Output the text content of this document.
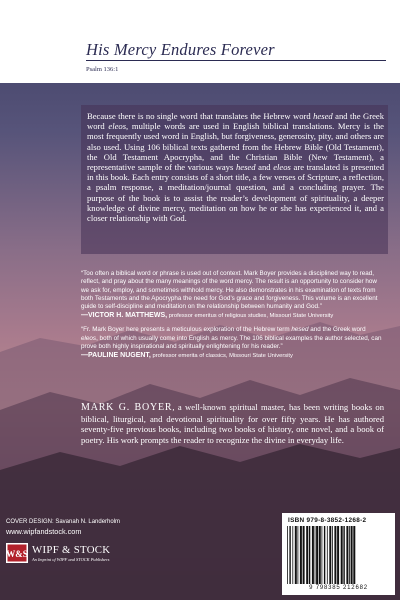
His Mercy Endures Forever
Psalm 136:1

Because there is no single word that translates the Hebrew word hesed and the Greek word eleos, multiple words are used in English biblical translations. Mercy is the most frequently used word in English, but forgiveness, generosity, pity, and others are also used. Using 106 biblical texts gathered from the Hebrew Bible (Old Testament), the Old Testament Apocrypha, and the Christian Bible (New Testament), a representative sample of the various ways hesed and eleos are translated is presented in this book. Each entry consists of a short title, a few verses of Scripture, a reflection, a psalm response, a meditation/journal question, and a concluding prayer. The purpose of the book is to assist the reader’s development of spirituality, a deeper knowledge of divine mercy, meditation on how he or she has experienced it, and a closer relationship with God.

“Too often a biblical word or phrase is used out of context. Mark Boyer provides a disciplined way to read, reflect, and pray about the many meanings of the word mercy. The result is an opportunity to consider how we ask for, employ, and sometimes withhold mercy. He also demonstrates in his examination of texts from both Testaments and the Apocrypha the need for God’s grace and forgiveness. This volume is an excellent guide to self-discipline and meditation on the relationship between humanity and God.”

—VICTOR H. MATTHEWS, professor emeritus of religious studies, Missouri State University

“Fr. Mark Boyer here presents a meticulous exploration of the Hebrew term hesed and the Greek word eleos, both of which usually come into English as mercy. The 106 biblical examples the author selected, can prove both highly inspirational and spiritually enlightening for his reader.”

—PAULINE NUGENT, professor emerita of classics, Missouri State University

MARK G. BOYER, a well-known spiritual master, has been writing books on biblical, liturgical, and devotional spirituality for over fifty years. He has authored seventy-five previous books, including two books of history, one novel, and a book of poetry. His work prompts the reader to recognize the divine in everyday life.

COVER DESIGN: Savanah N. Landerholm
www.wipfandstock.com
W&S WIPF & STOCK
An Imprint of WIPF and STOCK Publishers
ISBN 979-8-3852-1268-2
9 798385 212682
